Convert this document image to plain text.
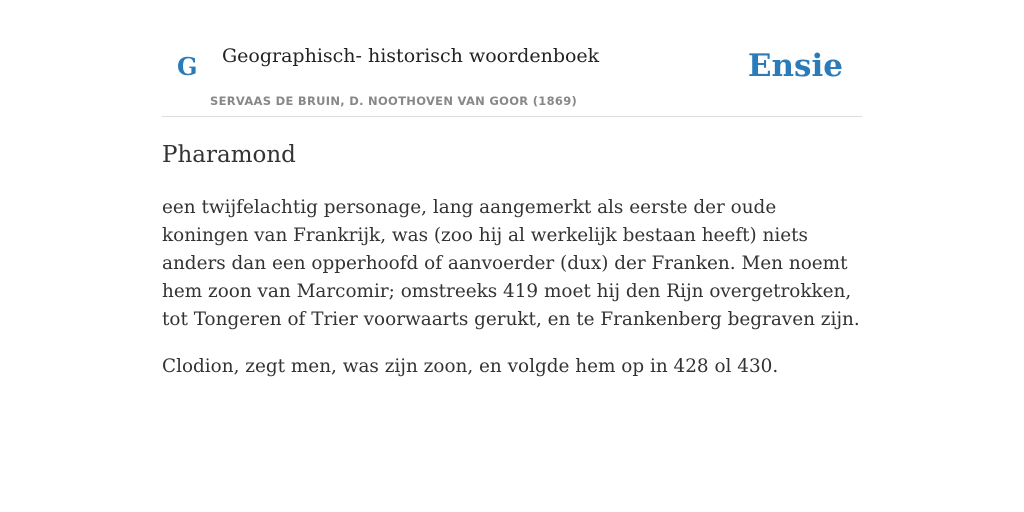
G Geographisch- historisch woordenboek
SERVAAS DE BRUIN, D. NOOTHOVEN VAN GOOR (1869)
Ensie
Pharamond

een twijfelachtig personage, lang aangemerkt als eerste der oude koningen van Frankrijk, was (zoo hij al werkelijk bestaan heeft) niets anders dan een opperhoofd of aanvoerder (dux) der Franken. Men noemt hem zoon van Marcomir; omstreeks 419 moet hij den Rijn overgetrokken, tot Tongeren of Trier voorwaarts gerukt, en te Frankenberg begraven zijn.

Clodion, zegt men, was zijn zoon, en volgde hem op in 428 ol 430.
